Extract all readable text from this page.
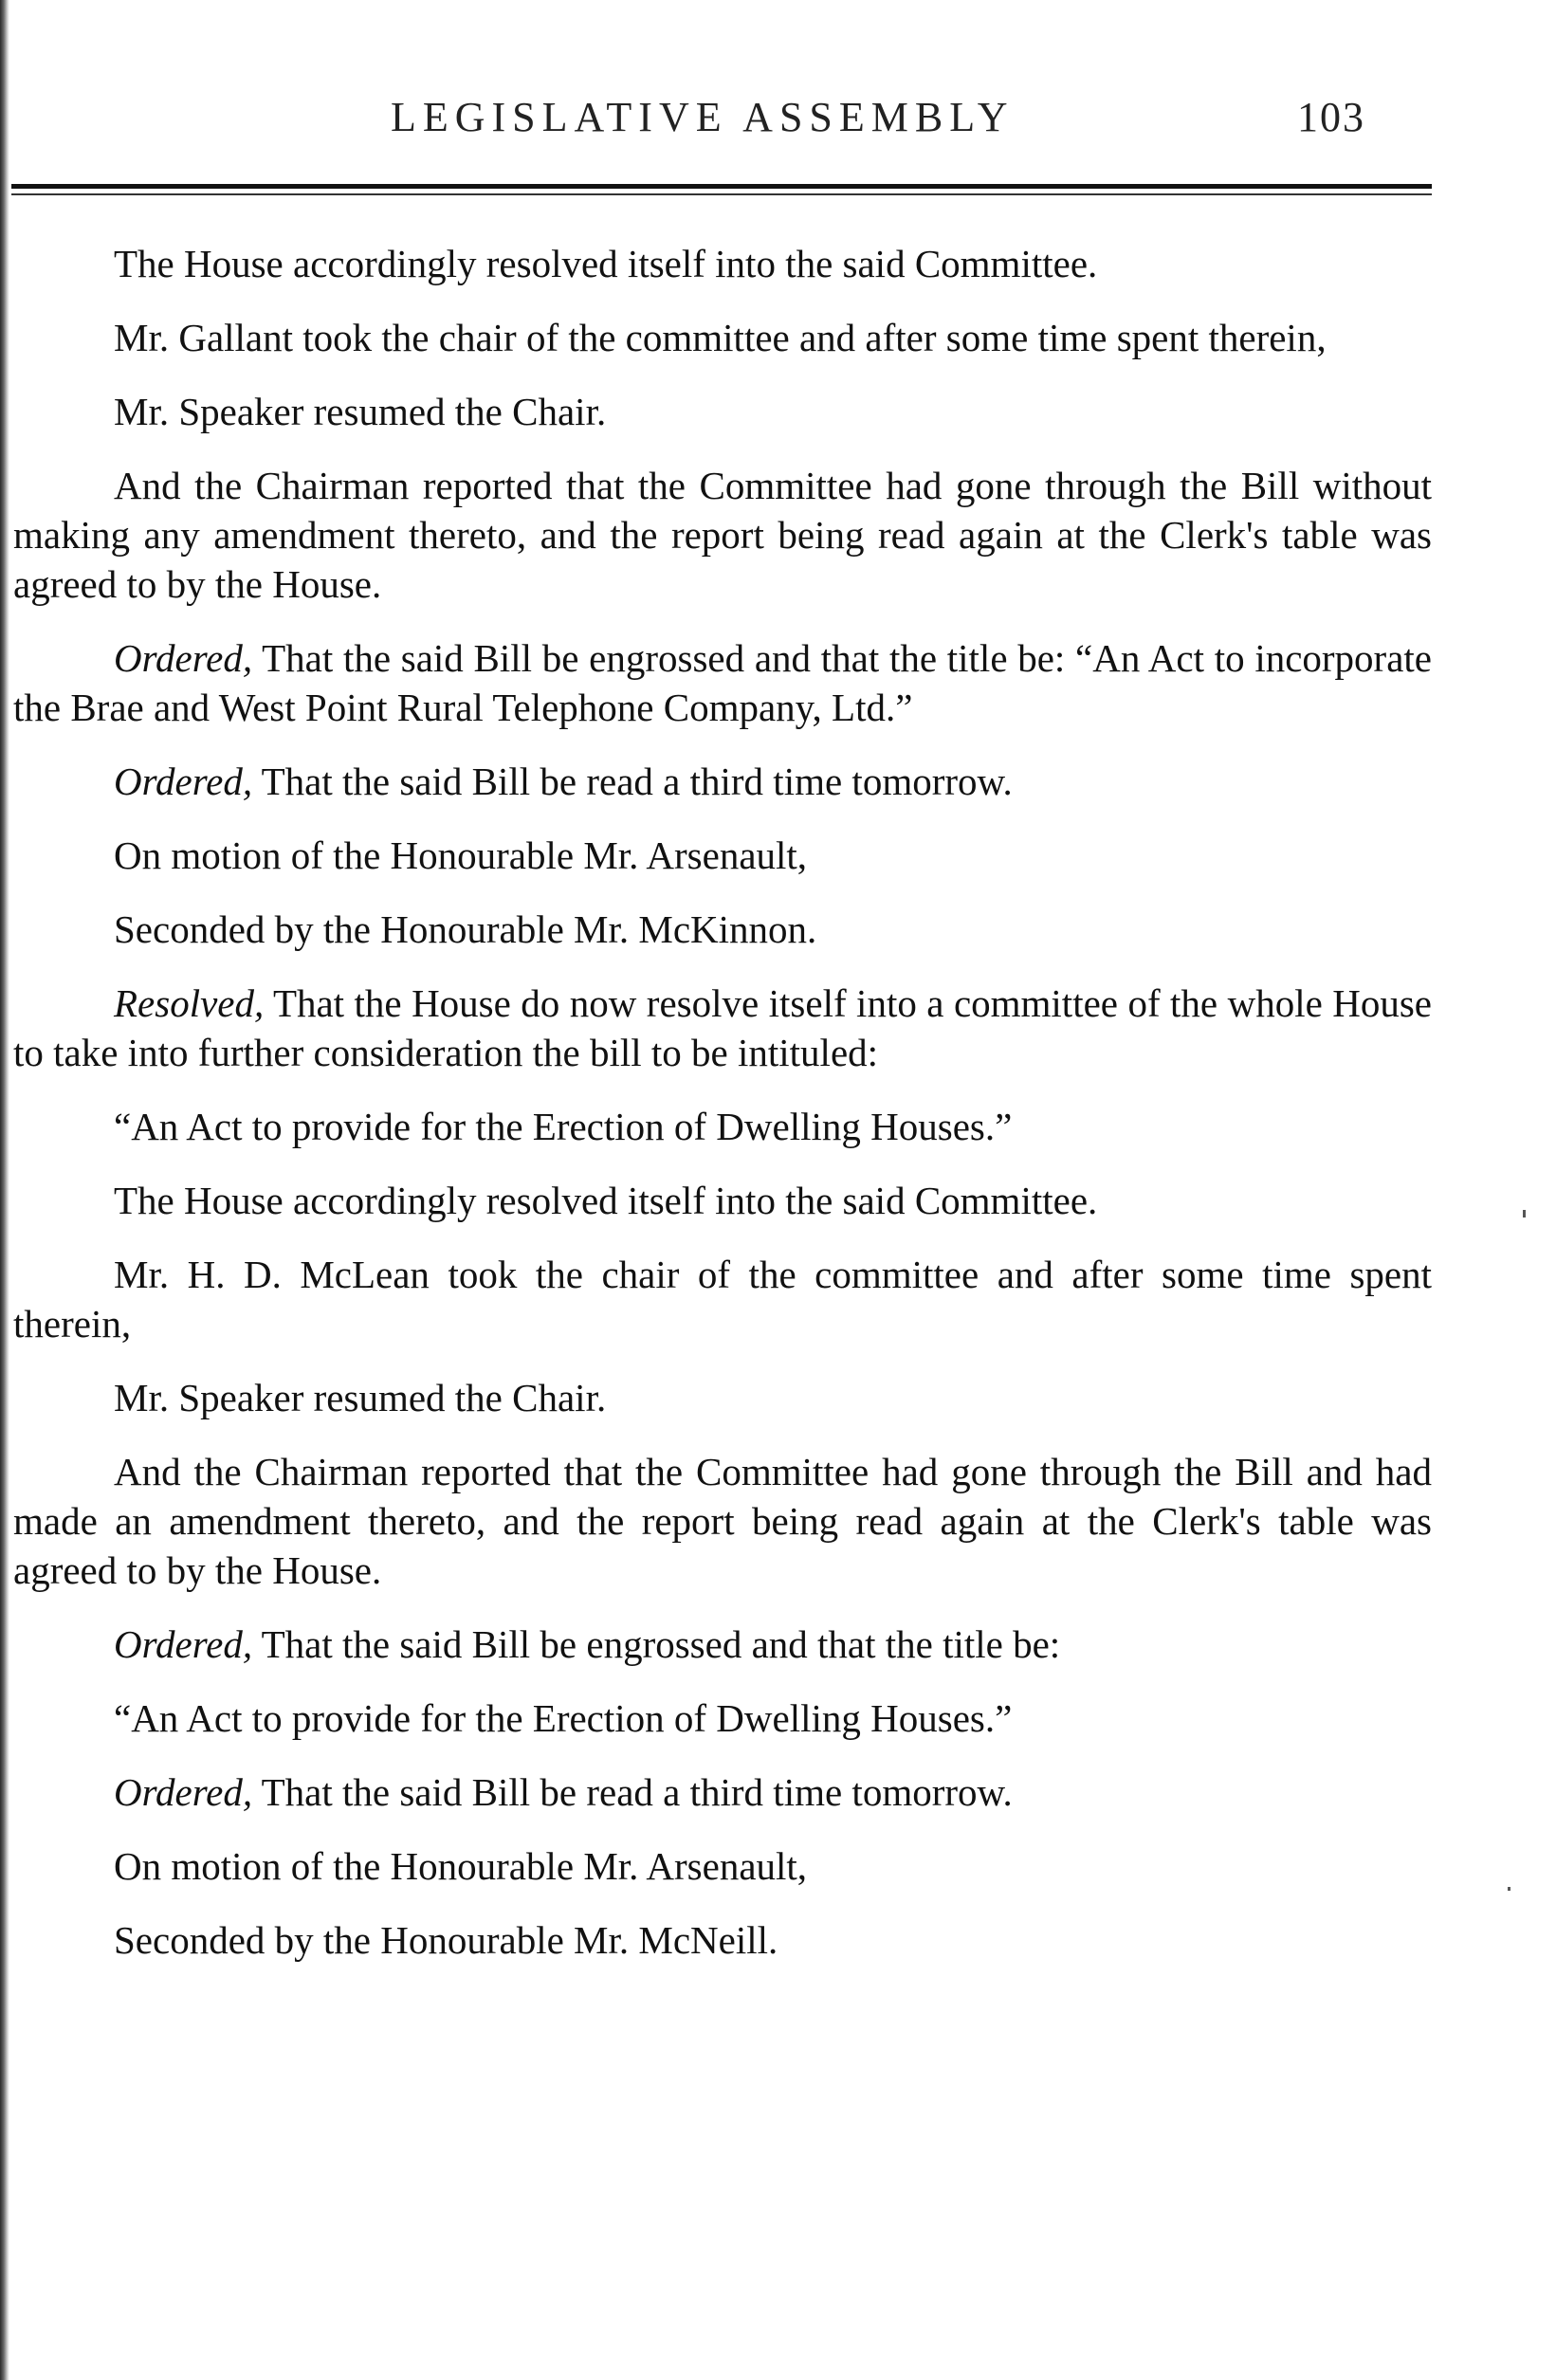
LEGISLATIVE ASSEMBLY	103

The House accordingly resolved itself into the said Committee.

Mr. Gallant took the chair of the committee and after some time spent therein,

Mr. Speaker resumed the Chair.

And the Chairman reported that the Committee had gone through the Bill without making any amendment thereto, and the report being read again at the Clerk's table was agreed to by the House.

Ordered, That the said Bill be engrossed and that the title be: “An Act to incorporate the Brae and West Point Rural Telephone Company, Ltd.”

Ordered, That the said Bill be read a third time tomorrow.

On motion of the Honourable Mr. Arsenault,

Seconded by the Honourable Mr. McKinnon.

Resolved, That the House do now resolve itself into a committee of the whole House to take into further consideration the bill to be intituled:

“An Act to provide for the Erection of Dwelling Houses.”

The House accordingly resolved itself into the said Committee.

Mr. H. D. McLean took the chair of the committee and after some time spent therein,

Mr. Speaker resumed the Chair.

And the Chairman reported that the Committee had gone through the Bill and had made an amendment thereto, and the report being read again at the Clerk's table was agreed to by the House.

Ordered, That the said Bill be engrossed and that the title be:

“An Act to provide for the Erection of Dwelling Houses.”

Ordered, That the said Bill be read a third time tomorrow.

On motion of the Honourable Mr. Arsenault,

Seconded by the Honourable Mr. McNeill.
